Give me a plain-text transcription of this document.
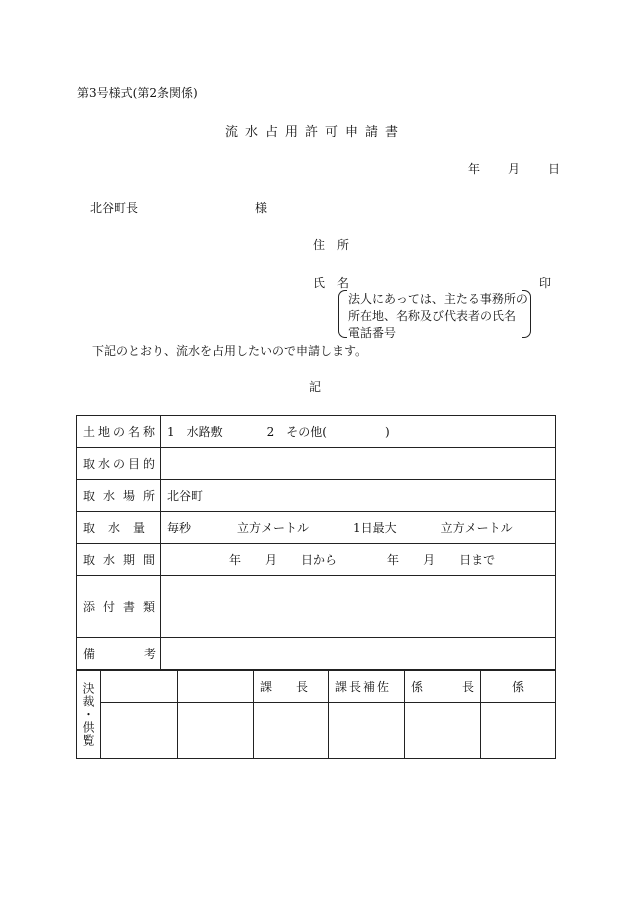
第3号様式(第2条関係)
流水占用許可申請書
年 月 日
北谷町長	様
住　所
氏　名	印
法人にあっては、主たる事務所の
所在地、名称及び代表者の氏名
電話番号
下記のとおり、流水を占用したいので申請します。
記
土地の名称	1　水路敷 2　その他( )
取水の目的	
取水場所	北谷町
取水量	毎秒 立方メートル 1日最大 立方メートル
取水期間	年 月 日から 年 月 日まで
添付書類	

備 考	

決裁・供覧			課　　長	課長補佐	係 長	係
